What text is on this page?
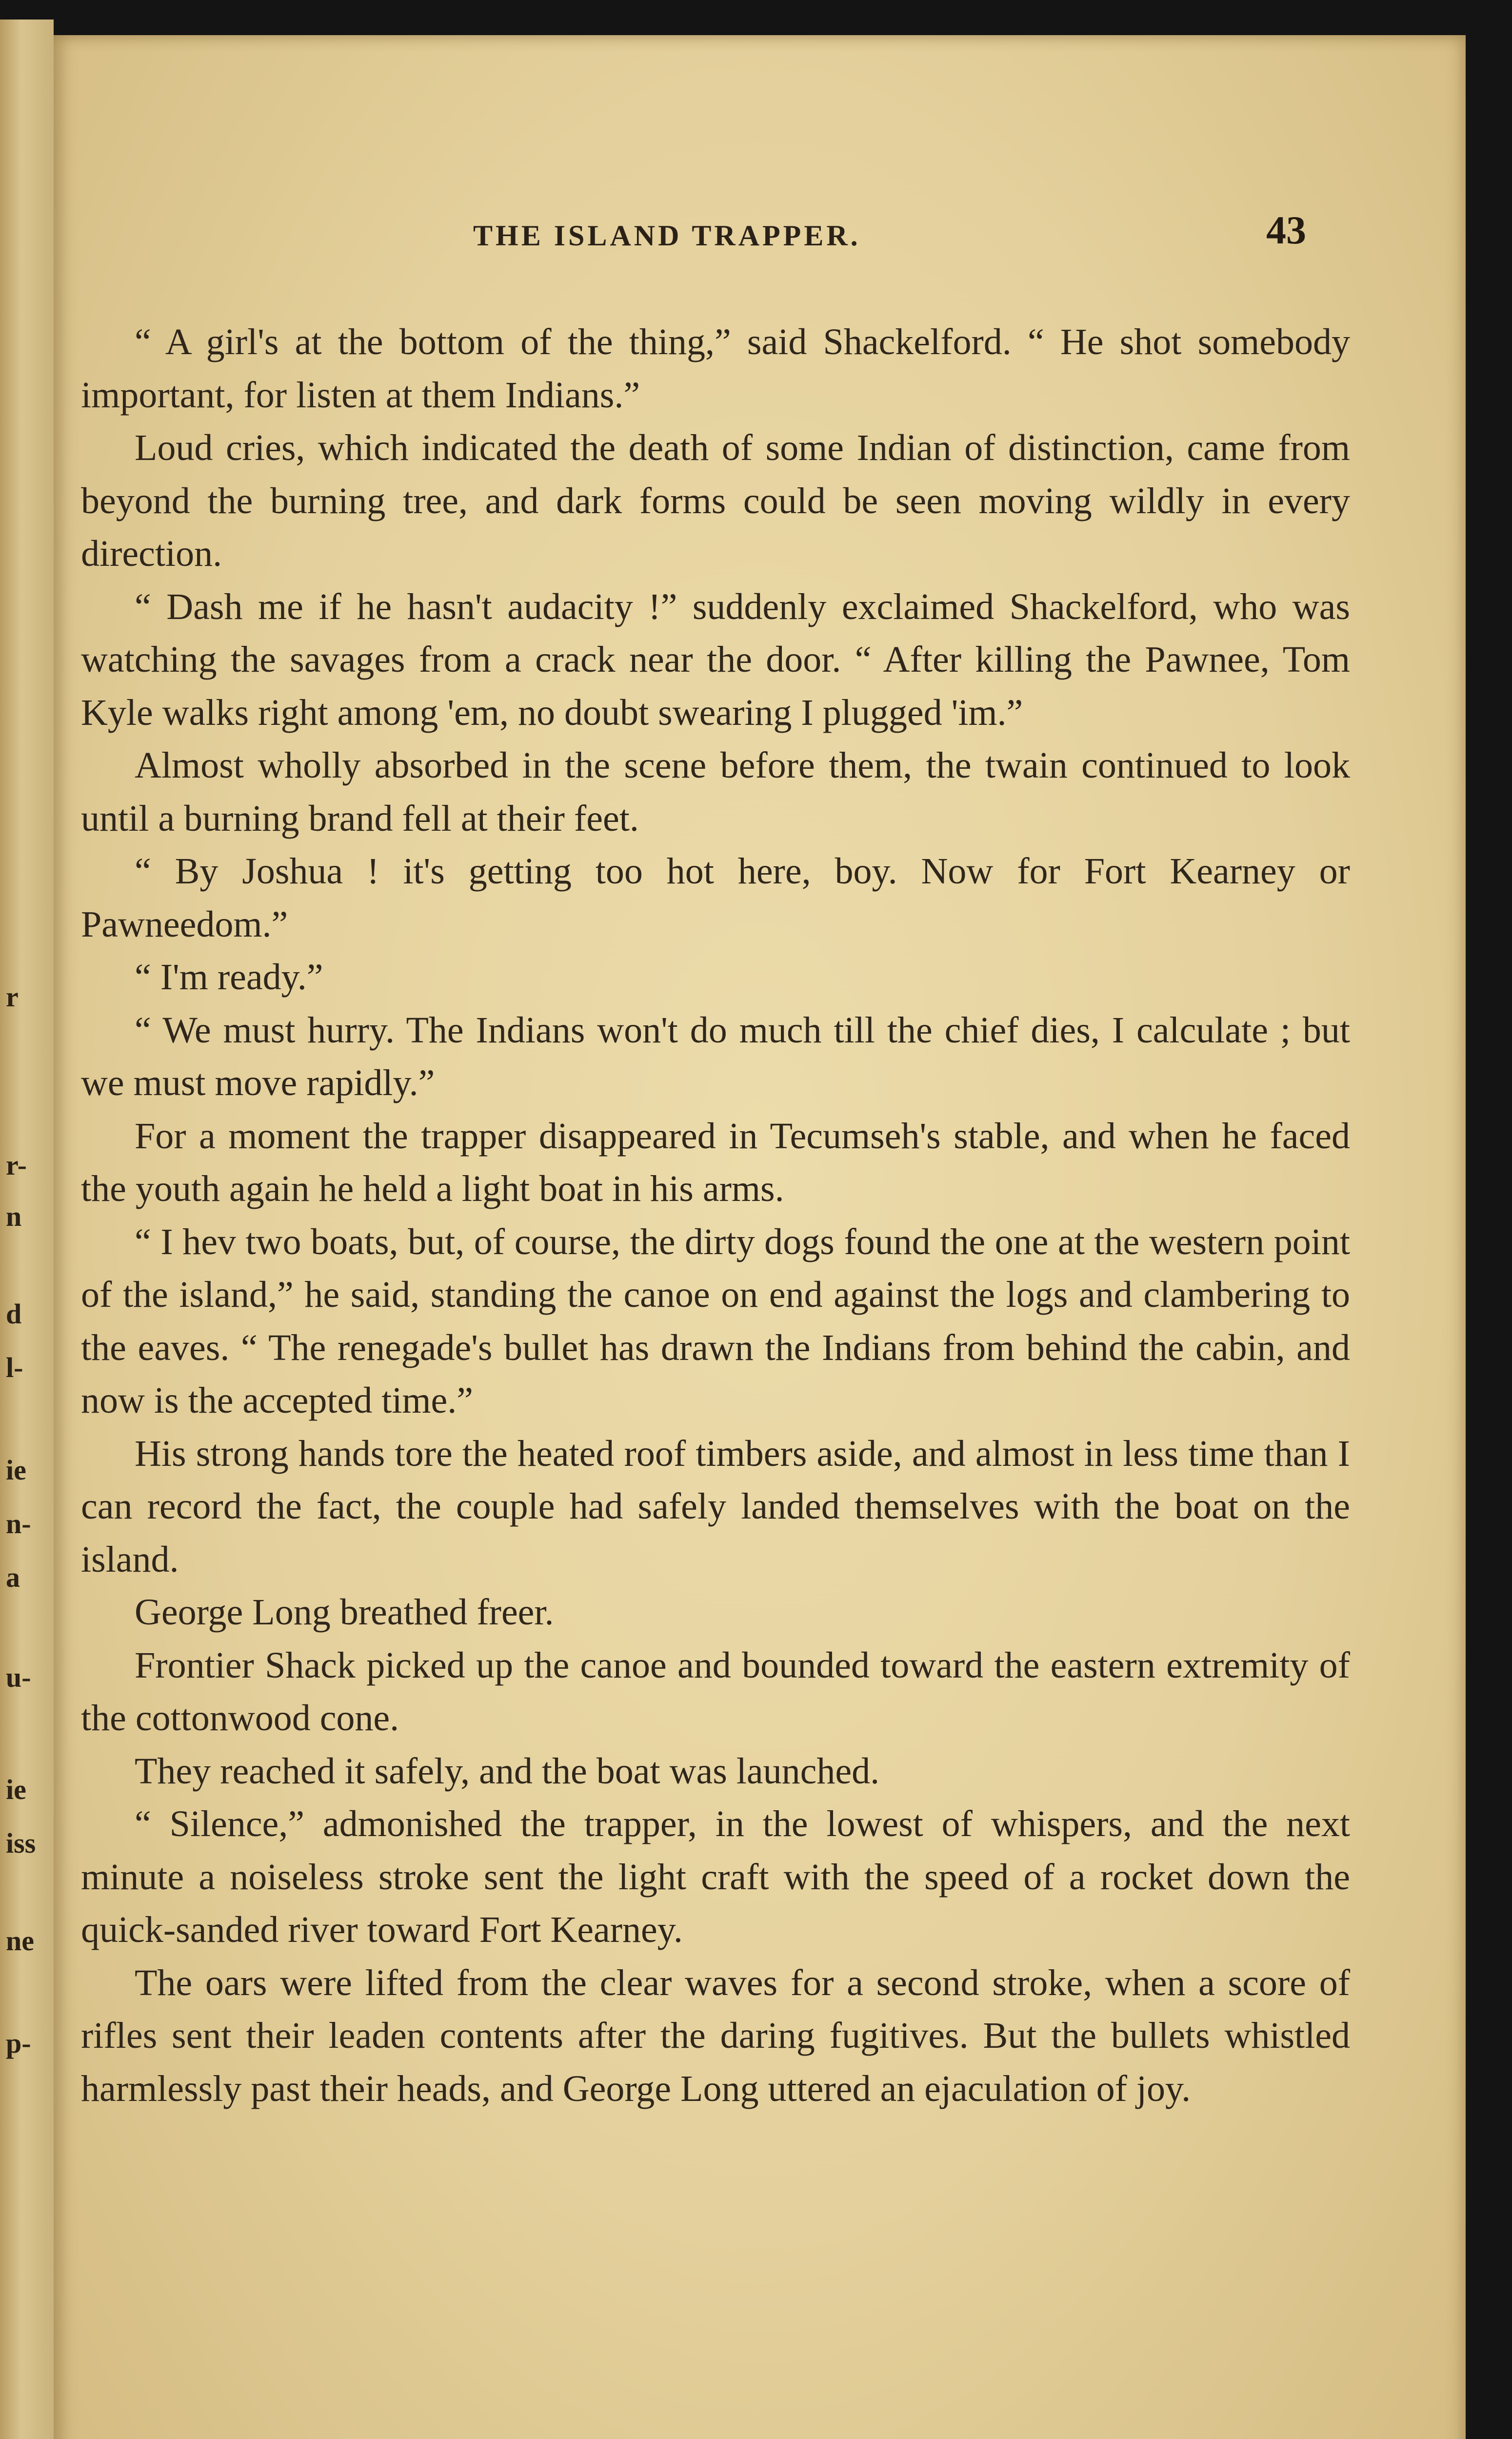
r
r-
n
d
l-
ie
n-
a
u-
ie
iss
ne
p-
THE ISLAND TRAPPER.	43

“ A girl's at the bottom of the thing,” said Shackelford. “ He shot somebody important, for listen at them Indians.”

Loud cries, which indicated the death of some Indian of distinction, came from beyond the burning tree, and dark forms could be seen moving wildly in every direction.

“ Dash me if he hasn't audacity !” suddenly exclaimed Shackelford, who was watching the savages from a crack near the door. “ After killing the Pawnee, Tom Kyle walks right among 'em, no doubt swearing I plugged 'im.”

Almost wholly absorbed in the scene before them, the twain continued to look until a burning brand fell at their feet.

“ By Joshua ! it's getting too hot here, boy. Now for Fort Kearney or Pawneedom.”

“ I'm ready.”

“ We must hurry. The Indians won't do much till the chief dies, I calculate ; but we must move rapidly.”

For a moment the trapper disappeared in Tecumseh's stable, and when he faced the youth again he held a light boat in his arms.

“ I hev two boats, but, of course, the dirty dogs found the one at the western point of the island,” he said, standing the canoe on end against the logs and clambering to the eaves. “ The renegade's bullet has drawn the Indians from behind the cabin, and now is the accepted time.”

His strong hands tore the heated roof timbers aside, and almost in less time than I can record the fact, the couple had safely landed themselves with the boat on the island.

George Long breathed freer.

Frontier Shack picked up the canoe and bounded toward the eastern extremity of the cottonwood cone.

They reached it safely, and the boat was launched.

“ Silence,” admonished the trapper, in the lowest of whispers, and the next minute a noiseless stroke sent the light craft with the speed of a rocket down the quick-sanded river toward Fort Kearney.

The oars were lifted from the clear waves for a second stroke, when a score of rifles sent their leaden contents after the daring fugitives. But the bullets whistled harmlessly past their heads, and George Long uttered an ejaculation of joy.
